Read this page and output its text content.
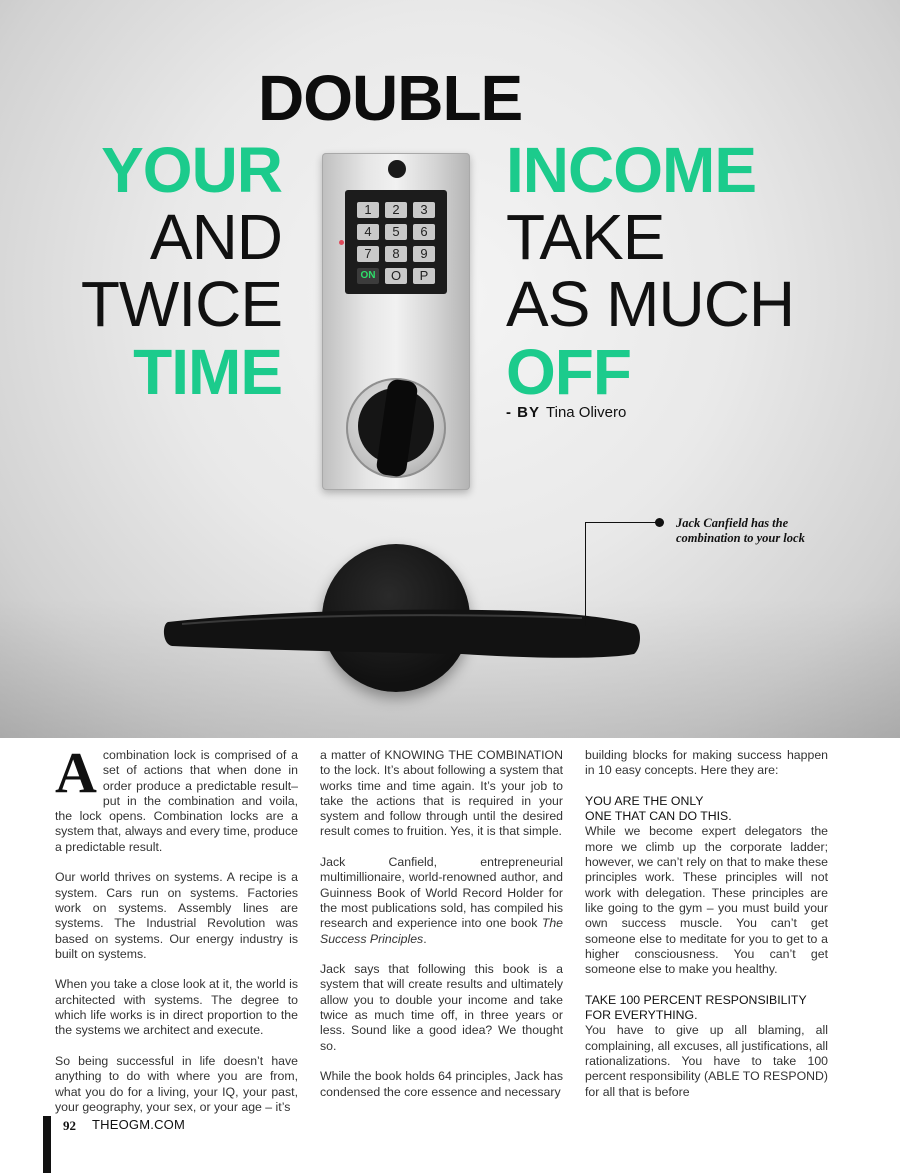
1	2	3
4	5	6
7	8	9
ON	O	P
DOUBLE
YOUR
AND
TWICE
TIME
INCOME
TAKE
AS MUCH
OFF
- BY Tina Olivero
Jack Canfield has the combination to your lock

Acombination lock is comprised of a set of actions that when done in order produce a predictable result–put in the combination and voila, the lock opens. Combination locks are a system that, always and every time, produce a predictable result.

Our world thrives on systems. A recipe is a system. Cars run on systems. Factories work on systems. Assembly lines are systems. The Industrial Revolution was based on systems. Our energy industry is built on systems.

When you take a close look at it, the world is architected with systems. The degree to which life works is in direct proportion to the the systems we architect and execute.

So being successful in life doesn’t have anything to do with where you are from, what you do for a living, your IQ, your past, your geography, your sex, or your age – it’s

a matter of KNOWING THE COMBINATION to the lock. It’s about following a system that works time and time again. It’s your job to take the actions that is required in your system and follow through until the desired result comes to fruition. Yes, it is that simple.

Jack Canfield, entrepreneurial multimillionaire, world-renowned author, and Guinness Book of World Record Holder for the most publications sold, has compiled his research and experience into one book The Success Principles.

Jack says that following this book is a system that will create results and ultimately allow you to double your income and take twice as much time off, in three years or less. Sound like a good idea? We thought so.

While the book holds 64 principles, Jack has condensed the core essence and necessary

building blocks for making success happen in 10 easy concepts. Here they are:

YOU ARE THE ONLY
ONE THAT CAN DO THIS.

While we become expert delegators the more we climb up the corporate ladder; however, we can’t rely on that to make these principles work. These principles will not work with delegation. These principles are like going to the gym – you must build your own success muscle. You can’t get someone else to meditate for you to get to a higher consciousness. You can’t get someone else to make you healthy.

TAKE 100 PERCENT RESPONSIBILITY
FOR EVERYTHING.

You have to give up all blaming, all complaining, all excuses, all justifications, all rationalizations. You have to take 100 percent responsibility (ABLE TO RESPOND) for all that is before

92 THEOGM.COM
